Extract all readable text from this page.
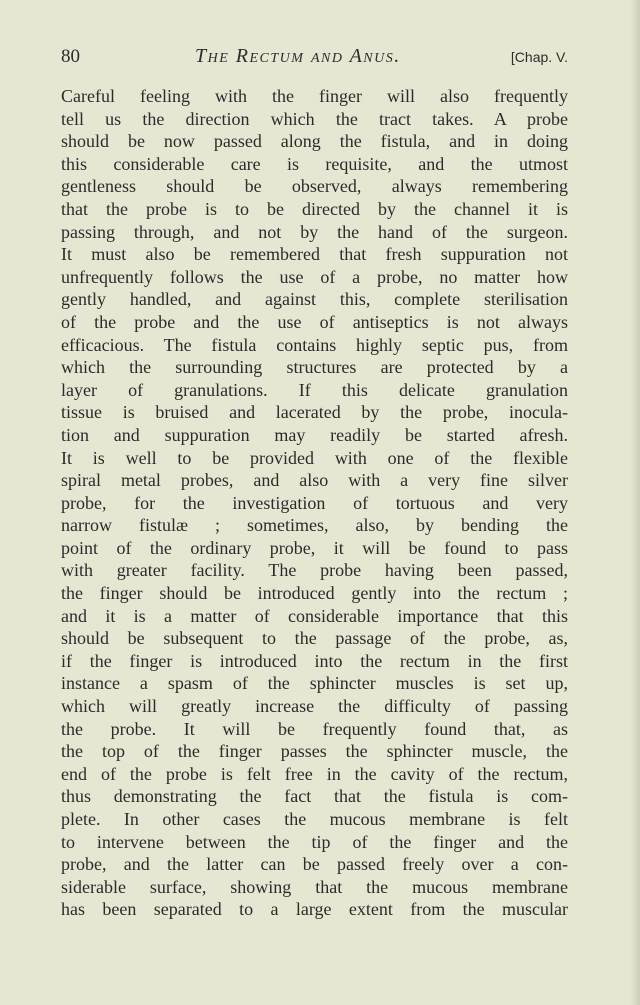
80	The Rectum and Anus.	[Chap. V.
Careful feeling with the finger will also frequently
tell us the direction which the tract takes. A probe
should be now passed along the fistula, and in doing
this considerable care is requisite, and the utmost
gentleness should be observed, always remembering
that the probe is to be directed by the channel it is
passing through, and not by the hand of the surgeon.
It must also be remembered that fresh suppuration not
unfrequently follows the use of a probe, no matter how
gently handled, and against this, complete sterilisation
of the probe and the use of antiseptics is not always
efficacious. The fistula contains highly septic pus, from
which the surrounding structures are protected by a
layer of granulations. If this delicate granulation
tissue is bruised and lacerated by the probe, inocula-
tion and suppuration may readily be started afresh.
It is well to be provided with one of the flexible
spiral metal probes, and also with a very fine silver
probe, for the investigation of tortuous and very
narrow fistulæ ; sometimes, also, by bending the
point of the ordinary probe, it will be found to pass
with greater facility. The probe having been passed,
the finger should be introduced gently into the rectum ;
and it is a matter of considerable importance that this
should be subsequent to the passage of the probe, as,
if the finger is introduced into the rectum in the first
instance a spasm of the sphincter muscles is set up,
which will greatly increase the difficulty of passing
the probe. It will be frequently found that, as
the top of the finger passes the sphincter muscle, the
end of the probe is felt free in the cavity of the rectum,
thus demonstrating the fact that the fistula is com-
plete. In other cases the mucous membrane is felt
to intervene between the tip of the finger and the
probe, and the latter can be passed freely over a con-
siderable surface, showing that the mucous membrane
has been separated to a large extent from the muscular
